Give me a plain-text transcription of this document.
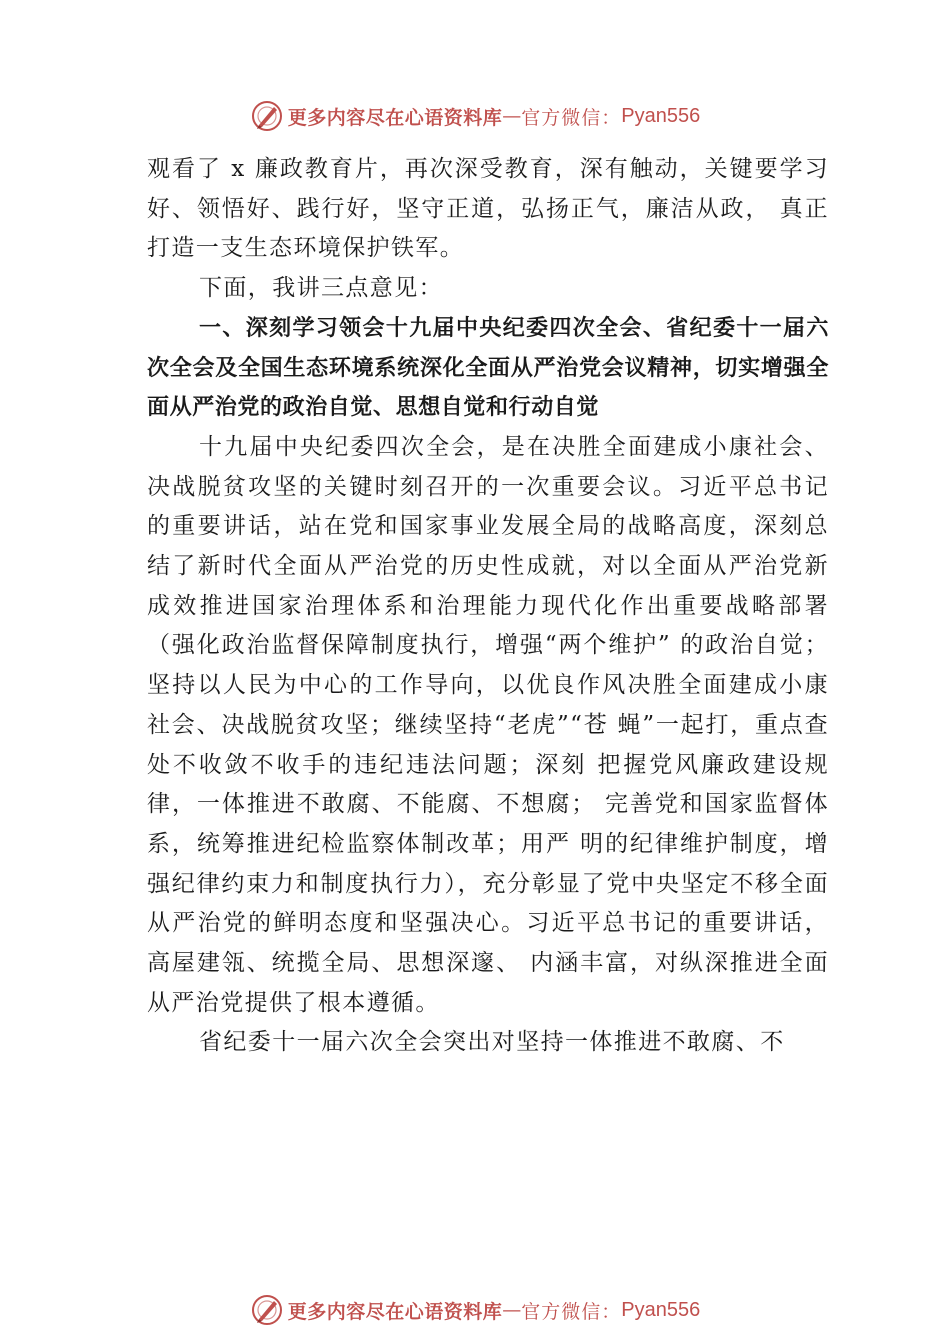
更多内容尽在心语资料库 — 官方微信： Pyan556

观看了 x 廉政教育片，再次深受教育，深有触动，关键要学习好、领悟好、践行好，坚守正道，弘扬正气，廉洁从政， 真正打造一支生态环境保护铁军。

下面，我讲三点意见：

一、深刻学习领会十九届中央纪委四次全会、省纪委十一届六次全会及全国生态环境系统深化全面从严治党会议精神，切实增强全面从严治党的政治自觉、思想自觉和行动自觉

十九届中央纪委四次全会，是在决胜全面建成小康社会、决战脱贫攻坚的关键时刻召开的一次重要会议。习近平总书记的重要讲话，站在党和国家事业发展全局的战略高度，深刻总结了新时代全面从严治党的历史性成就，对以全面从严治党新成效推进国家治理体系和治理能力现代化作出重要战略部署（强化政治监督保障制度执行，增强“两个维护” 的政治自觉；坚持以人民为中心的工作导向，以优良作风决胜全面建成小康社会、决战脱贫攻坚；继续坚持“老虎”“苍 蝇”一起打，重点查处不收敛不收手的违纪违法问题；深刻 把握党风廉政建设规律，一体推进不敢腐、不能腐、不想腐； 完善党和国家监督体系，统筹推进纪检监察体制改革；用严 明的纪律维护制度，增强纪律约束力和制度执行力），充分彰显了党中央坚定不移全面从严治党的鲜明态度和坚强决心。习近平总书记的重要讲话，高屋建瓴、统揽全局、思想深邃、 内涵丰富，对纵深推进全面从严治党提供了根本遵循。

省纪委十一届六次全会突出对坚持一体推进不敢腐、不

更多内容尽在心语资料库 — 官方微信： Pyan556
